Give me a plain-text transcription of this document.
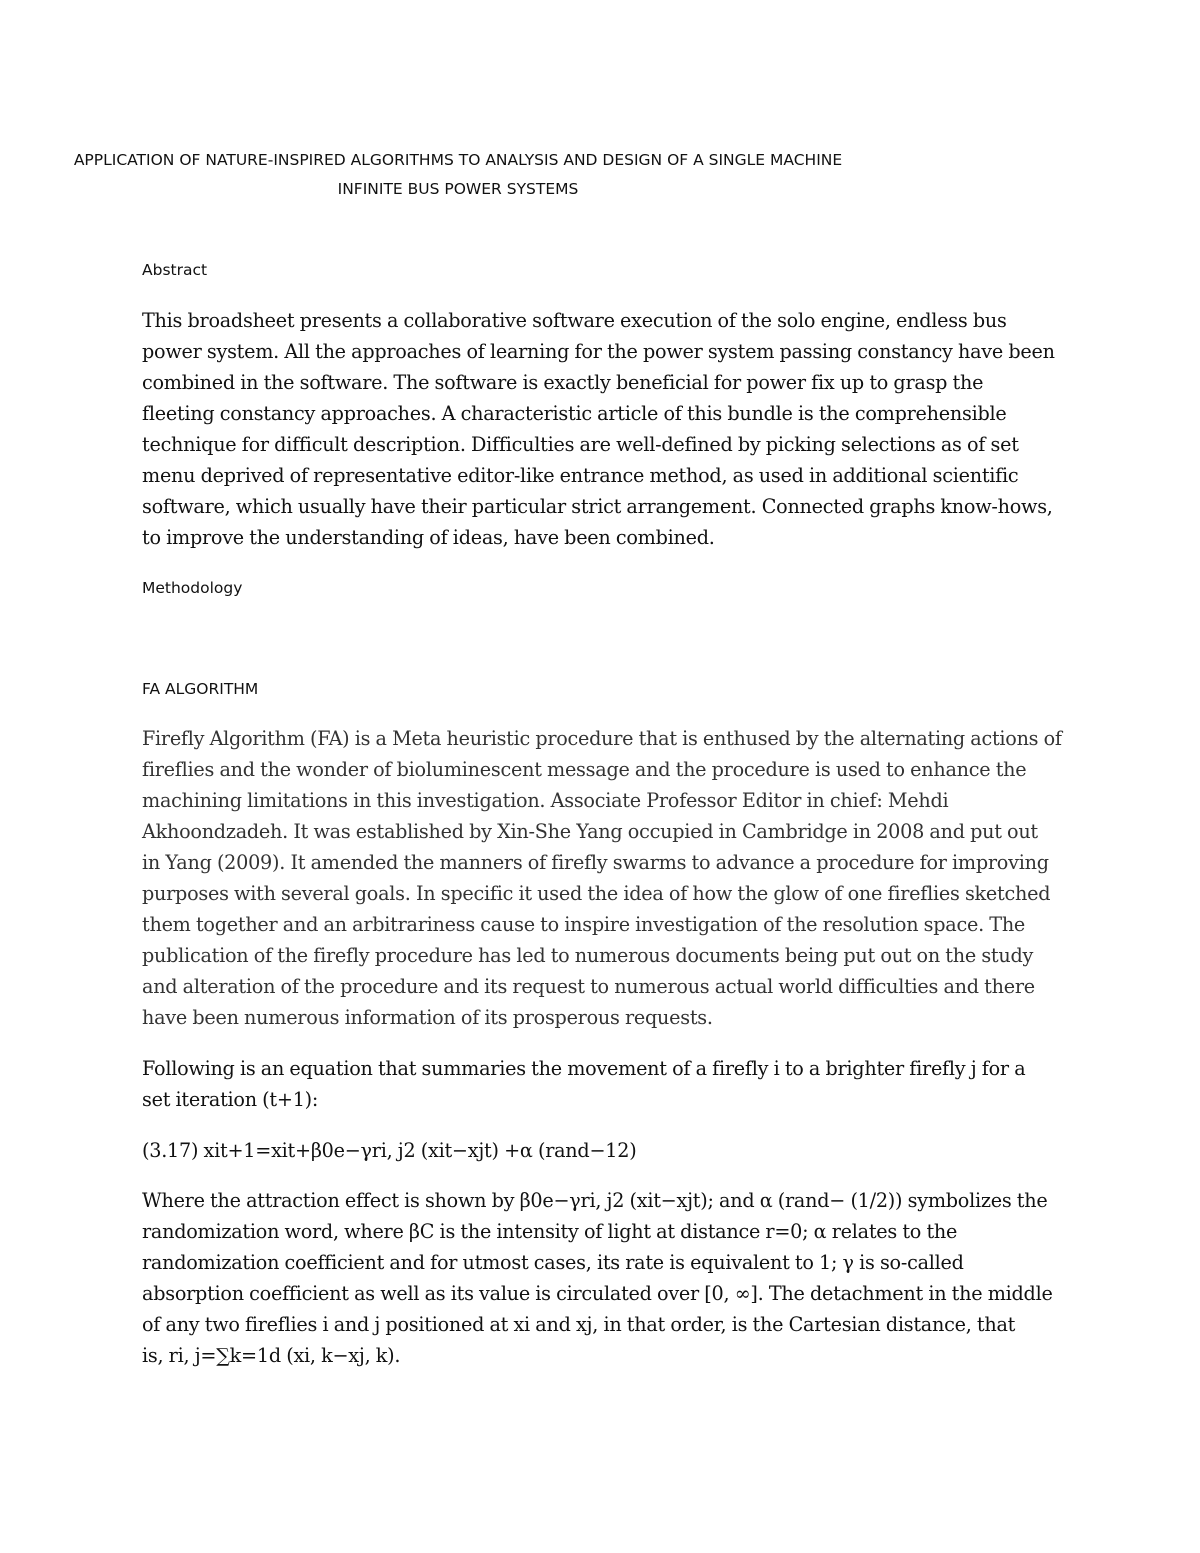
APPLICATION OF NATURE-INSPIRED ALGORITHMS TO ANALYSIS AND DESIGN OF A SINGLE MACHINE
INFINITE BUS POWER SYSTEMS
Abstract
This broadsheet presents a collaborative software execution of the solo engine, endless bus
power system. All the approaches of learning for the power system passing constancy have been
combined in the software. The software is exactly beneficial for power fix up to grasp the
fleeting constancy approaches. A characteristic article of this bundle is the comprehensible
technique for difficult description. Difficulties are well-defined by picking selections as of set
menu deprived of representative editor-like entrance method, as used in additional scientific
software, which usually have their particular strict arrangement. Connected graphs know-hows,
to improve the understanding of ideas, have been combined.
Methodology
FA ALGORITHM
Firefly Algorithm (FA) is a Meta heuristic procedure that is enthused by the alternating actions of
fireflies and the wonder of bioluminescent message and the procedure is used to enhance the
machining limitations in this investigation. Associate Professor Editor in chief: Mehdi
Akhoondzadeh. It was established by Xin-She Yang occupied in Cambridge in 2008 and put out
in Yang (2009). It amended the manners of firefly swarms to advance a procedure for improving
purposes with several goals. In specific it used the idea of how the glow of one fireflies sketched
them together and an arbitrariness cause to inspire investigation of the resolution space. The
publication of the firefly procedure has led to numerous documents being put out on the study
and alteration of the procedure and its request to numerous actual world difficulties and there
have been numerous information of its prosperous requests.
Following is an equation that summaries the movement of a firefly i to a brighter firefly j for a
set iteration (t+1):
(3.17) xit+1=xit+β0e−γri, j2 (xit−xjt) +α (rand−12)
Where the attraction effect is shown by β0e−γri, j2 (xit−xjt); and α (rand− (1/2)) symbolizes the
randomization word, where βC is the intensity of light at distance r=0; α relates to the
randomization coefficient and for utmost cases, its rate is equivalent to 1; γ is so-called
absorption coefficient as well as its value is circulated over [0, ∞]. The detachment in the middle
of any two fireflies i and j positioned at xi and xj, in that order, is the Cartesian distance, that
is, ri, j=∑k=1d (xi, k−xj, k).
